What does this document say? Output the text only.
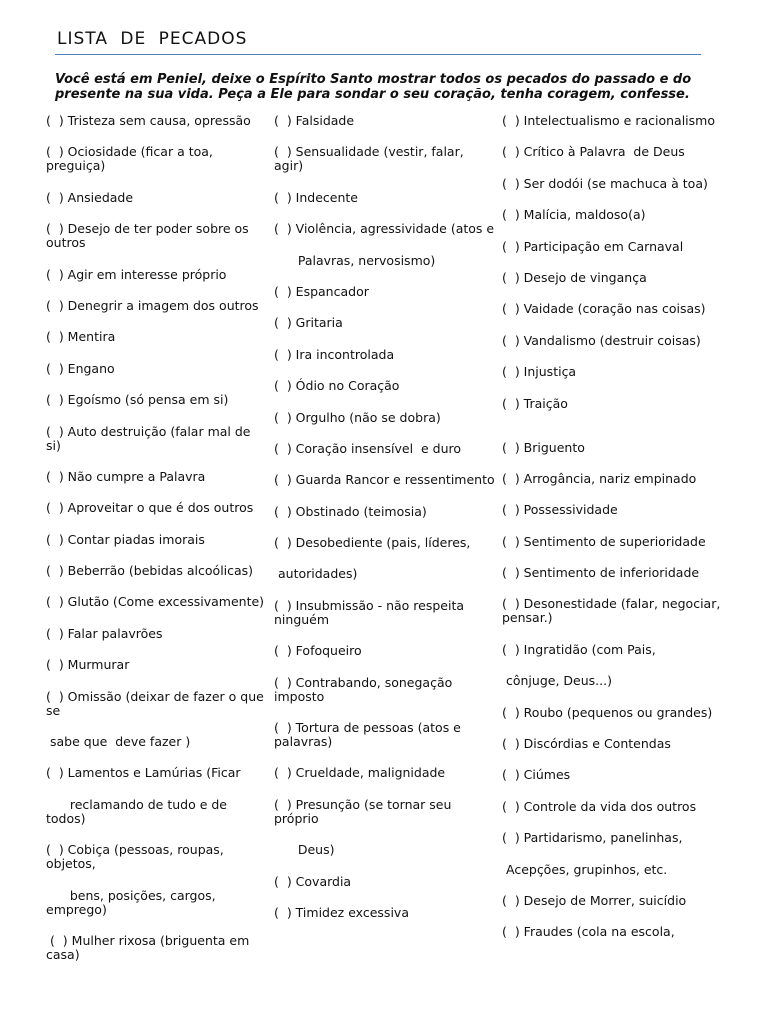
LISTA DE PECADOS
Você está em Peniel, deixe o Espírito Santo mostrar todos os pecados do passado e do presente na sua vida. Peça a Ele para sondar o seu coração, tenha coragem, confesse.
(  ) Tristeza sem causa, opressão
(  ) Ociosidade (ficar a toa, preguiça)
(  ) Ansiedade
(  ) Desejo de ter poder sobre os outros
(  ) Agir em interesse próprio
(  ) Denegrir a imagem dos outros
(  ) Mentira
(  ) Engano
(  ) Egoísmo (só pensa em si)
(  ) Auto destruição (falar mal de si)
(  ) Não cumpre a Palavra
(  ) Aproveitar o que é dos outros
(  ) Contar piadas imorais
(  ) Beberrão (bebidas alcoólicas)
(  ) Glutão (Come excessivamente)
(  ) Falar palavrões
(  ) Murmurar
(  ) Omissão (deixar de fazer o que se
sabe que  deve fazer )
(  ) Lamentos e Lamúrias (Ficar
reclamando de tudo e de todos)
(  ) Cobiça (pessoas, roupas, objetos,
bens, posições, cargos, emprego)
(  ) Mulher rixosa (briguenta em casa)
(  ) Falsidade
(  ) Sensualidade (vestir, falar, agir)
(  ) Indecente
(  ) Violência, agressividade (atos e
Palavras, nervosismo)
(  ) Espancador
(  ) Gritaria
(  ) Ira incontrolada
(  ) Ódio no Coração
(  ) Orgulho (não se dobra)
(  ) Coração insensível  e duro
(  ) Guarda Rancor e ressentimento
(  ) Obstinado (teimosia)
(  ) Desobediente (pais, líderes,
autoridades)
(  ) Insubmissão - não respeita ninguém
(  ) Fofoqueiro
(  ) Contrabando, sonegação imposto
(  ) Tortura de pessoas (atos e palavras)
(  ) Crueldade, malignidade
(  ) Presunção (se tornar seu próprio
Deus)
(  ) Covardia
(  ) Timidez excessiva
(  ) Intelectualismo e racionalismo
(  ) Crítico à Palavra  de Deus
(  ) Ser dodói (se machuca à toa)
(  ) Malícia, maldoso(a)
(  ) Participação em Carnaval
(  ) Desejo de vingança
(  ) Vaidade (coração nas coisas)
(  ) Vandalismo (destruir coisas)
(  ) Injustiça
(  ) Traição
(  ) Briguento
(  ) Arrogância, nariz empinado
(  ) Possessividade
(  ) Sentimento de superioridade
(  ) Sentimento de inferioridade
(  ) Desonestidade (falar, negociar, pensar.)
(  ) Ingratidão (com Pais,
cônjuge, Deus...)
(  ) Roubo (pequenos ou grandes)
(  ) Discórdias e Contendas
(  ) Ciúmes
(  ) Controle da vida dos outros
(  ) Partidarismo, panelinhas,
Acepções, grupinhos, etc.
(  ) Desejo de Morrer, suicídio
(  ) Fraudes (cola na escola,
